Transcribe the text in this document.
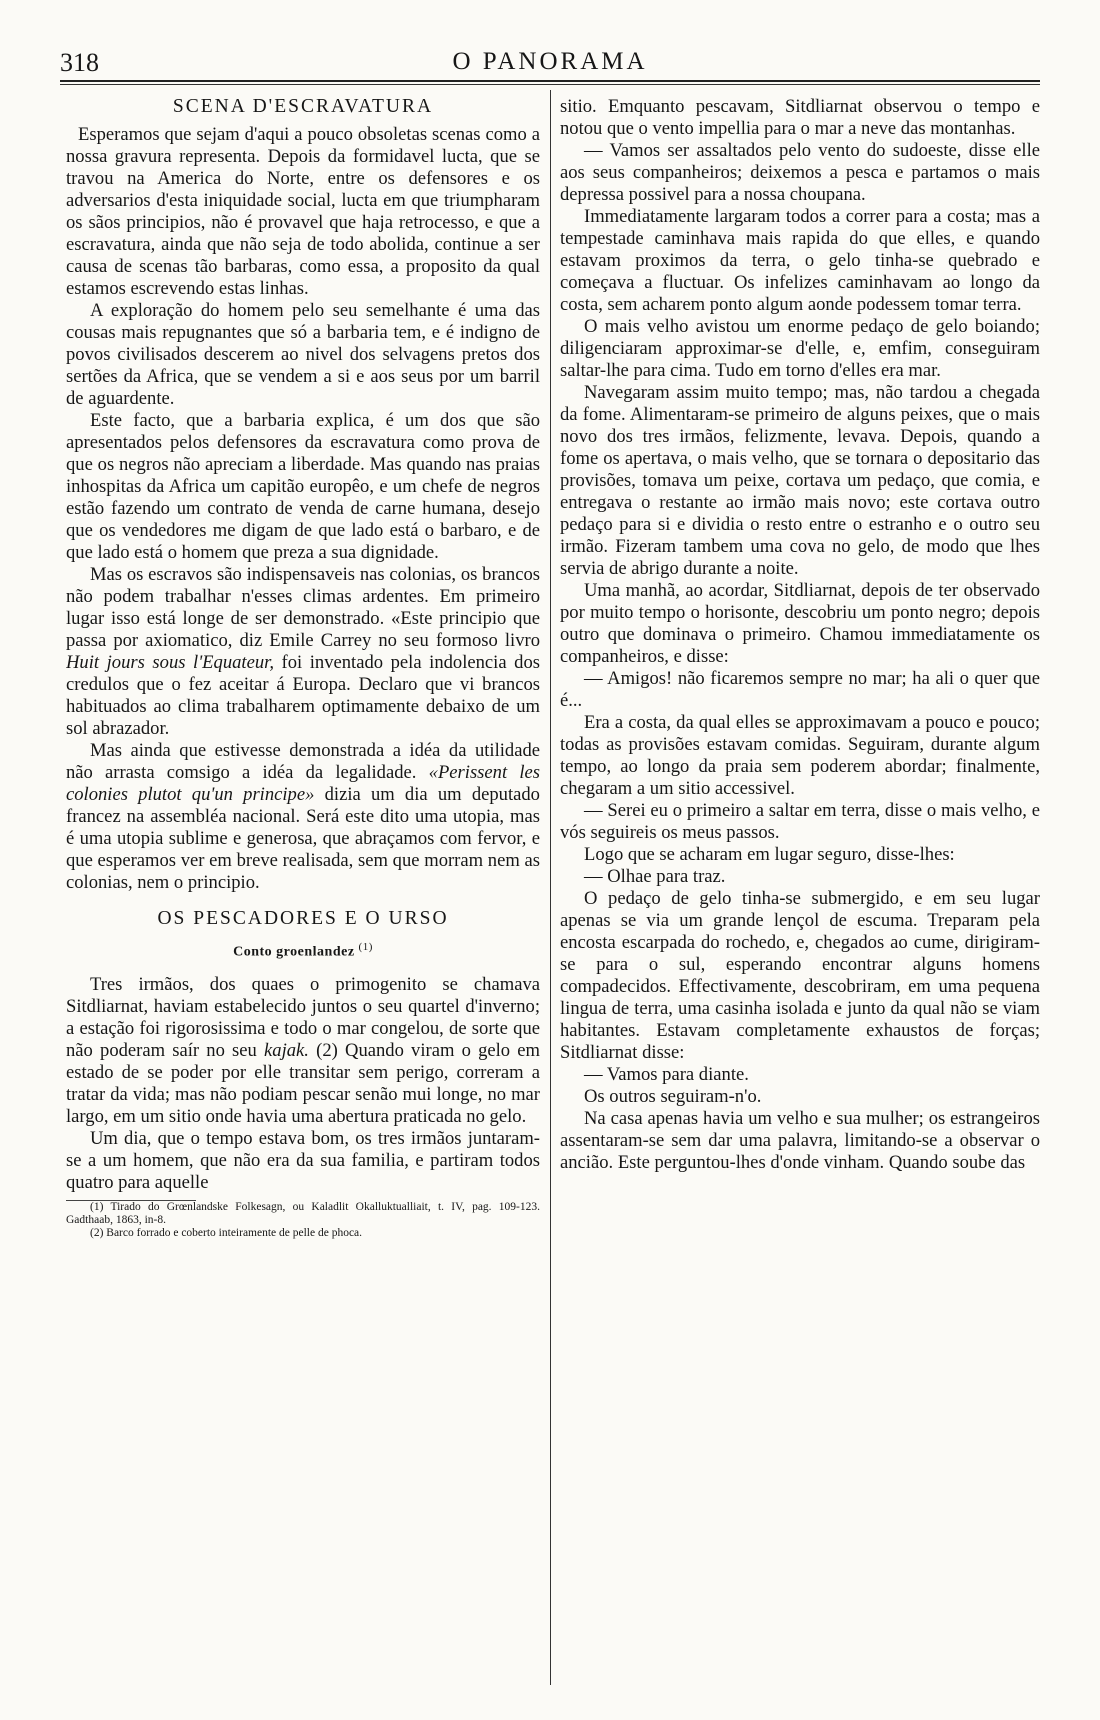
318	O PANORAMA
SCENA D'ESCRAVATURA

Esperamos que sejam d'aqui a pouco obsoletas scenas como a nossa gravura representa. Depois da formidavel lucta, que se travou na America do Norte, entre os defensores e os adversarios d'esta iniquidade social, lucta em que triumpharam os sãos principios, não é provavel que haja retrocesso, e que a escravatura, ainda que não seja de todo abolida, continue a ser causa de scenas tão barbaras, como essa, a proposito da qual estamos escrevendo estas linhas.

A exploração do homem pelo seu semelhante é uma das cousas mais repugnantes que só a barbaria tem, e é indigno de povos civilisados descerem ao nivel dos selvagens pretos dos sertões da Africa, que se vendem a si e aos seus por um barril de aguardente.

Este facto, que a barbaria explica, é um dos que são apresentados pelos defensores da escravatura como prova de que os negros não apreciam a liberdade. Mas quando nas praias inhospitas da Africa um capitão europêo, e um chefe de negros estão fazendo um contrato de venda de carne humana, desejo que os vendedores me digam de que lado está o barbaro, e de que lado está o homem que preza a sua dignidade.

Mas os escravos são indispensaveis nas colonias, os brancos não podem trabalhar n'esses climas ardentes. Em primeiro lugar isso está longe de ser demonstrado. «Este principio que passa por axiomatico, diz Emile Carrey no seu formoso livro Huit jours sous l'Equateur, foi inventado pela indolencia dos credulos que o fez aceitar á Europa. Declaro que vi brancos habituados ao clima trabalharem optimamente debaixo de um sol abrazador.

Mas ainda que estivesse demonstrada a idéa da utilidade não arrasta comsigo a idéa da legalidade. «Perissent les colonies plutot qu'un principe» dizia um dia um deputado francez na assembléa nacional. Será este dito uma utopia, mas é uma utopia sublime e generosa, que abraçamos com fervor, e que esperamos ver em breve realisada, sem que morram nem as colonias, nem o principio.

OS PESCADORES E O URSO
Conto groenlandez $^{(1)}$

Tres irmãos, dos quaes o primogenito se chamava Sitdliarnat, haviam estabelecido juntos o seu quartel d'inverno; a estação foi rigorosissima e todo o mar congelou, de sorte que não poderam saír no seu kajak. (2) Quando viram o gelo em estado de se poder por elle transitar sem perigo, correram a tratar da vida; mas não podiam pescar senão mui longe, no mar largo, em um sitio onde havia uma abertura praticada no gelo.

Um dia, que o tempo estava bom, os tres irmãos juntaram-se a um homem, que não era da sua familia, e partiram todos quatro para aquelle

(1) Tirado do Grœnlandske Folkesagn, ou Kaladlit Okalluktualliait, t. IV, pag. 109-123. Gadthaab, 1863, in-8.

(2) Barco forrado e coberto inteiramente de pelle de phoca.

sitio. Emquanto pescavam, Sitdliarnat observou o tempo e notou que o vento impellia para o mar a neve das montanhas.

— Vamos ser assaltados pelo vento do sudoeste, disse elle aos seus companheiros; deixemos a pesca e partamos o mais depressa possivel para a nossa choupana.

Immediatamente largaram todos a correr para a costa; mas a tempestade caminhava mais rapida do que elles, e quando estavam proximos da terra, o gelo tinha-se quebrado e começava a fluctuar. Os infelizes caminhavam ao longo da costa, sem acharem ponto algum aonde podessem tomar terra.

O mais velho avistou um enorme pedaço de gelo boiando; diligenciaram approximar-se d'elle, e, emfim, conseguiram saltar-lhe para cima. Tudo em torno d'elles era mar.

Navegaram assim muito tempo; mas, não tardou a chegada da fome. Alimentaram-se primeiro de alguns peixes, que o mais novo dos tres irmãos, felizmente, levava. Depois, quando a fome os apertava, o mais velho, que se tornara o depositario das provisões, tomava um peixe, cortava um pedaço, que comia, e entregava o restante ao irmão mais novo; este cortava outro pedaço para si e dividia o resto entre o estranho e o outro seu irmão. Fizeram tambem uma cova no gelo, de modo que lhes servia de abrigo durante a noite.

Uma manhã, ao acordar, Sitdliarnat, depois de ter observado por muito tempo o horisonte, descobriu um ponto negro; depois outro que dominava o primeiro. Chamou immediatamente os companheiros, e disse:

— Amigos! não ficaremos sempre no mar; ha ali o quer que é...

Era a costa, da qual elles se approximavam a pouco e pouco; todas as provisões estavam comidas. Seguiram, durante algum tempo, ao longo da praia sem poderem abordar; finalmente, chegaram a um sitio accessivel.

— Serei eu o primeiro a saltar em terra, disse o mais velho, e vós seguireis os meus passos.

Logo que se acharam em lugar seguro, disse-lhes:

— Olhae para traz.

O pedaço de gelo tinha-se submergido, e em seu lugar apenas se via um grande lençol de escuma. Treparam pela encosta escarpada do rochedo, e, chegados ao cume, dirigiram-se para o sul, esperando encontrar alguns homens compadecidos. Effectivamente, descobriram, em uma pequena lingua de terra, uma casinha isolada e junto da qual não se viam habitantes. Estavam completamente exhaustos de forças; Sitdliarnat disse:

— Vamos para diante.

Os outros seguiram-n'o.

Na casa apenas havia um velho e sua mulher; os estrangeiros assentaram-se sem dar uma palavra, limitando-se a observar o ancião. Este perguntou-lhes d'onde vinham. Quando soube das
